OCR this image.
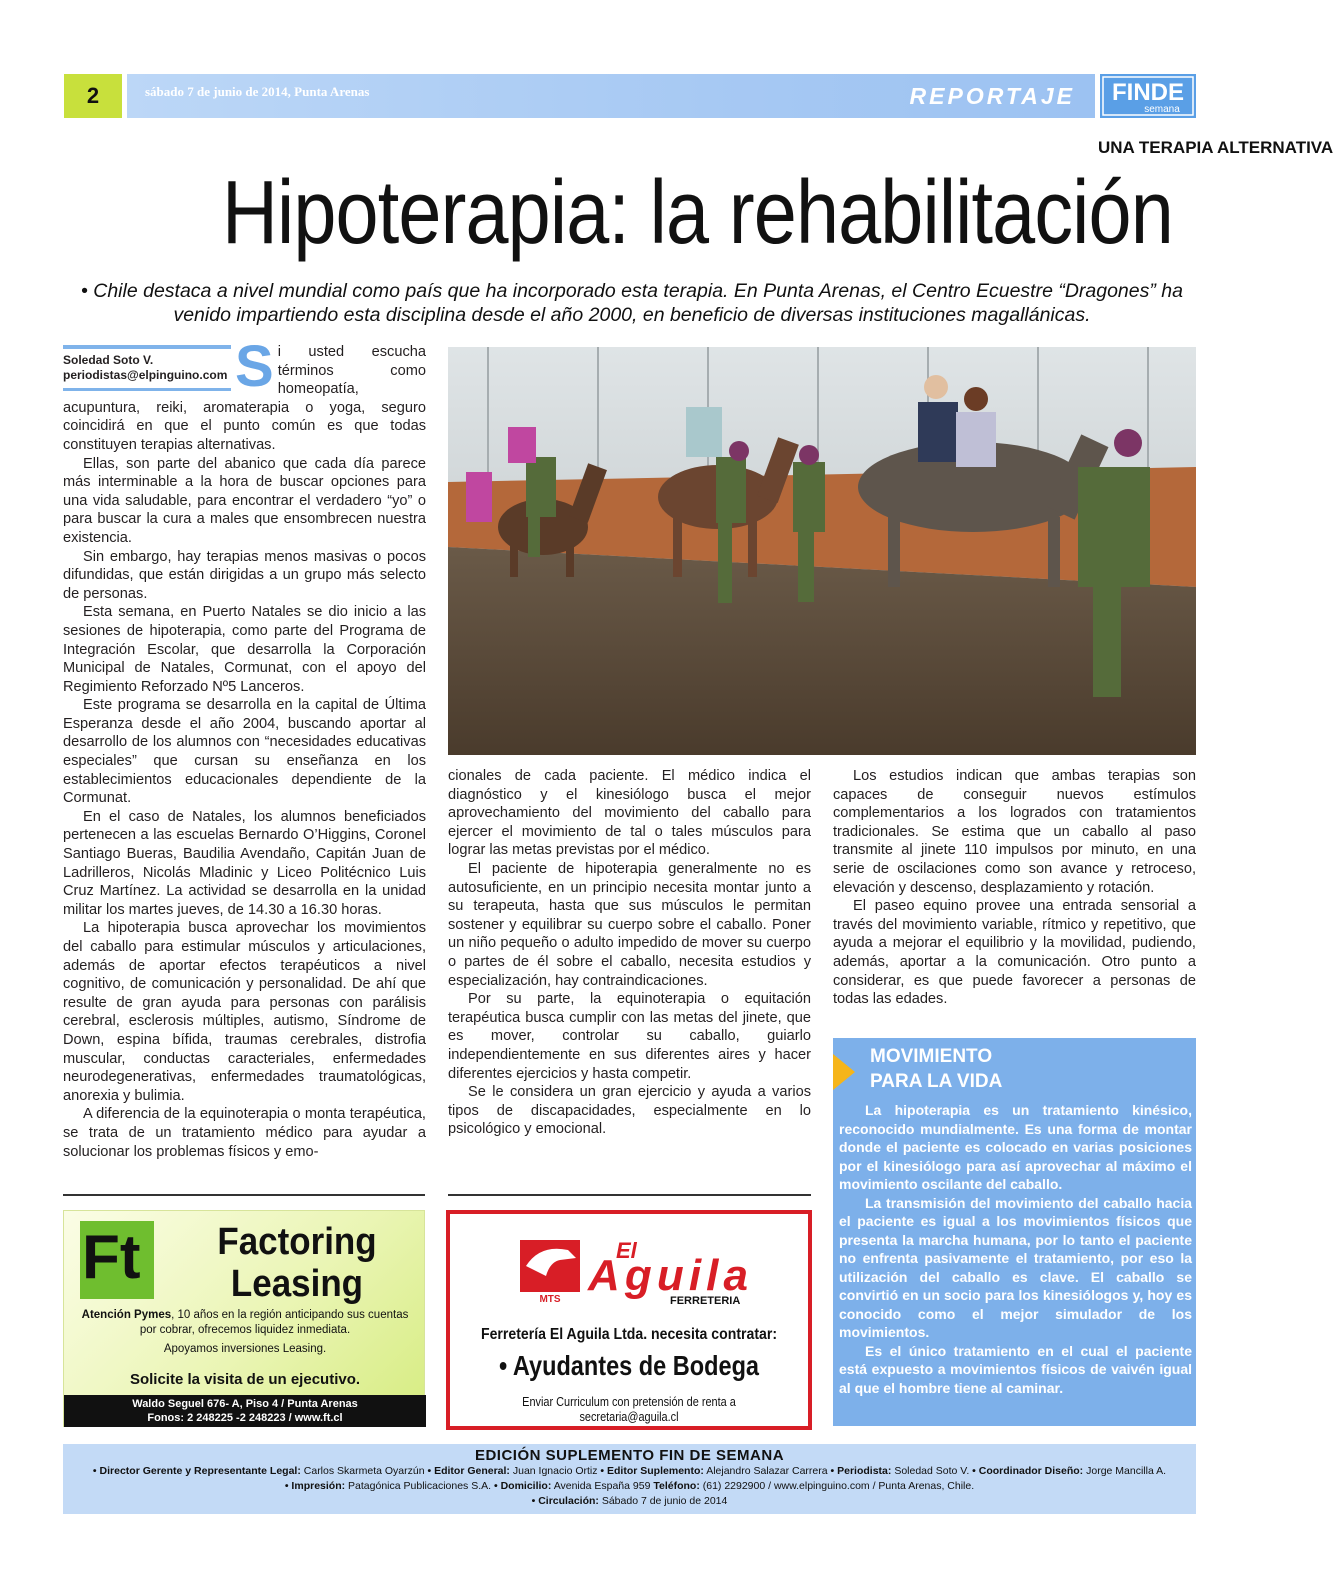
2	sábado 7 de junio de 2014, Punta Arenas	REPORTAJE FINDE
semana
UNA TERAPIA ALTERNATIVA
Hipoterapia: la rehabilitación
• Chile destaca a nivel mundial como país que ha incorporado esta terapia. En Punta Arenas, el Centro Ecuestre “Dragones” ha venido impartiendo esta disciplina desde el año 2000, en beneficio de diversas instituciones magallánicas.
Soledad Soto V.
periodistas@elpinguino.com S i usted escucha términos como homeopatía, acupuntura, reiki, aromaterapia o yoga, seguro coincidirá en que el punto común es que todas constituyen terapias alternativas.

Ellas, son parte del abanico que cada día parece más interminable a la hora de buscar opciones para una vida saludable, para encontrar el verdadero “yo” o para buscar la cura a males que ensombrecen nuestra existencia.

Sin embargo, hay terapias menos masivas o pocos difundidas, que están dirigidas a un grupo más selecto de personas.

Esta semana, en Puerto Natales se dio inicio a las sesiones de hipoterapia, como parte del Programa de Integración Escolar, que desarrolla la Corporación Municipal de Natales, Cormunat, con el apoyo del Regimiento Reforzado Nº5 Lanceros.

Este programa se desarrolla en la capital de Última Esperanza desde el año 2004, buscando aportar al desarrollo de los alumnos con “necesidades educativas especiales” que cursan su enseñanza en los establecimientos educacionales dependiente de la Cormunat.

En el caso de Natales, los alumnos beneficiados pertenecen a las escuelas Bernardo O’Higgins, Coronel Santiago Bueras, Baudilia Avendaño, Capitán Juan de Ladrilleros, Nicolás Mladinic y Liceo Politécnico Luis Cruz Martínez. La actividad se desarrolla en la unidad militar los martes jueves, de 14.30 a 16.30 horas.

La hipoterapia busca aprovechar los movimientos del caballo para estimular músculos y articulaciones, además de aportar efectos terapéuticos a nivel cognitivo, de comunicación y personalidad. De ahí que resulte de gran ayuda para personas con parálisis cerebral, esclerosis múltiples, autismo, Síndrome de Down, espina bífida, traumas cerebrales, distrofia muscular, conductas caracteriales, enfermedades neurodegenerativas, enfermedades traumatológicas, anorexia y bulimia.

A diferencia de la equinoterapia o monta terapéutica, se trata de un tratamiento médico para ayudar a solucionar los problemas físicos y emo-

cionales de cada paciente. El médico indica el diagnóstico y el kinesiólogo busca el mejor aprovechamiento del movimiento del caballo para ejercer el movimiento de tal o tales músculos para lograr las metas previstas por el médico.

El paciente de hipoterapia generalmente no es autosuficiente, en un principio necesita montar junto a su terapeuta, hasta que sus músculos le permitan sostener y equilibrar su cuerpo sobre el caballo. Poner un niño pequeño o adulto impedido de mover su cuerpo o partes de él sobre el caballo, necesita estudios y especialización, hay contraindicaciones.

Por su parte, la equinoterapia o equitación terapéutica busca cumplir con las metas del jinete, que es mover, controlar su caballo, guiarlo independientemente en sus diferentes aires y hacer diferentes ejercicios y hasta competir.

Se le considera un gran ejercicio y ayuda a varios tipos de discapacidades, especialmente en lo psicológico y emocional.

Los estudios indican que ambas terapias son capaces de conseguir nuevos estímulos complementarios a los logrados con tratamientos tradicionales. Se estima que un caballo al paso transmite al jinete 110 impulsos por minuto, en una serie de oscilaciones como son avance y retroceso, elevación y descenso, desplazamiento y rotación.

El paseo equino provee una entrada sensorial a través del movimiento variable, rítmico y repetitivo, que ayuda a mejorar el equilibrio y la movilidad, pudiendo, además, aportar a la comunicación. Otro punto a considerar, es que puede favorecer a personas de todas las edades.

MOVIMIENTO
PARA LA VIDA

La hipoterapia es un tratamiento kinésico, reconocido mundialmente. Es una forma de montar donde el paciente es colocado en varias posiciones por el kinesiólogo para así aprovechar al máximo el movimiento oscilante del caballo.

La transmisión del movimiento del caballo hacia el paciente es igual a los movimientos físicos que presenta la marcha humana, por lo tanto el paciente no enfrenta pasivamente el tratamiento, por eso la utilización del caballo es clave. El caballo se convirtió en un socio para los kinesiólogos y, hoy es conocido como el mejor simulador de los movimientos.

Es el único tratamiento en el cual el paciente está expuesto a movimientos físicos de vaivén igual al que el hombre tiene al caminar.

Ft	Factoring
Leasing
Atención Pymes, 10 años en la región anticipando sus cuentas
por cobrar, ofrecemos liquidez inmediata.
Apoyamos inversiones Leasing.
Solicite la visita de un ejecutivo.
Waldo Seguel 676- A, Piso 4 / Punta Arenas
Fonos: 2 248225 -2 248223 / www.ft.cl
MTS
El
Aguila
FERRETERIA
Ferretería El Aguila Ltda. necesita contratar:
• Ayudantes de Bodega
Enviar Curriculum con pretensión de renta a secretaria@aguila.cl
EDICIÓN SUPLEMENTO FIN DE SEMANA
• Director Gerente y Representante Legal: Carlos Skarmeta Oyarzún • Editor General: Juan Ignacio Ortiz • Editor Suplemento: Alejandro Salazar Carrera • Periodista: Soledad Soto V. • Coordinador Diseño: Jorge Mancilla A.
• Impresión: Patagónica Publicaciones S.A. • Domicilio: Avenida España 959 Teléfono: (61) 2292900 / www.elpinguino.com / Punta Arenas, Chile.
• Circulación: Sábado 7 de junio de 2014
